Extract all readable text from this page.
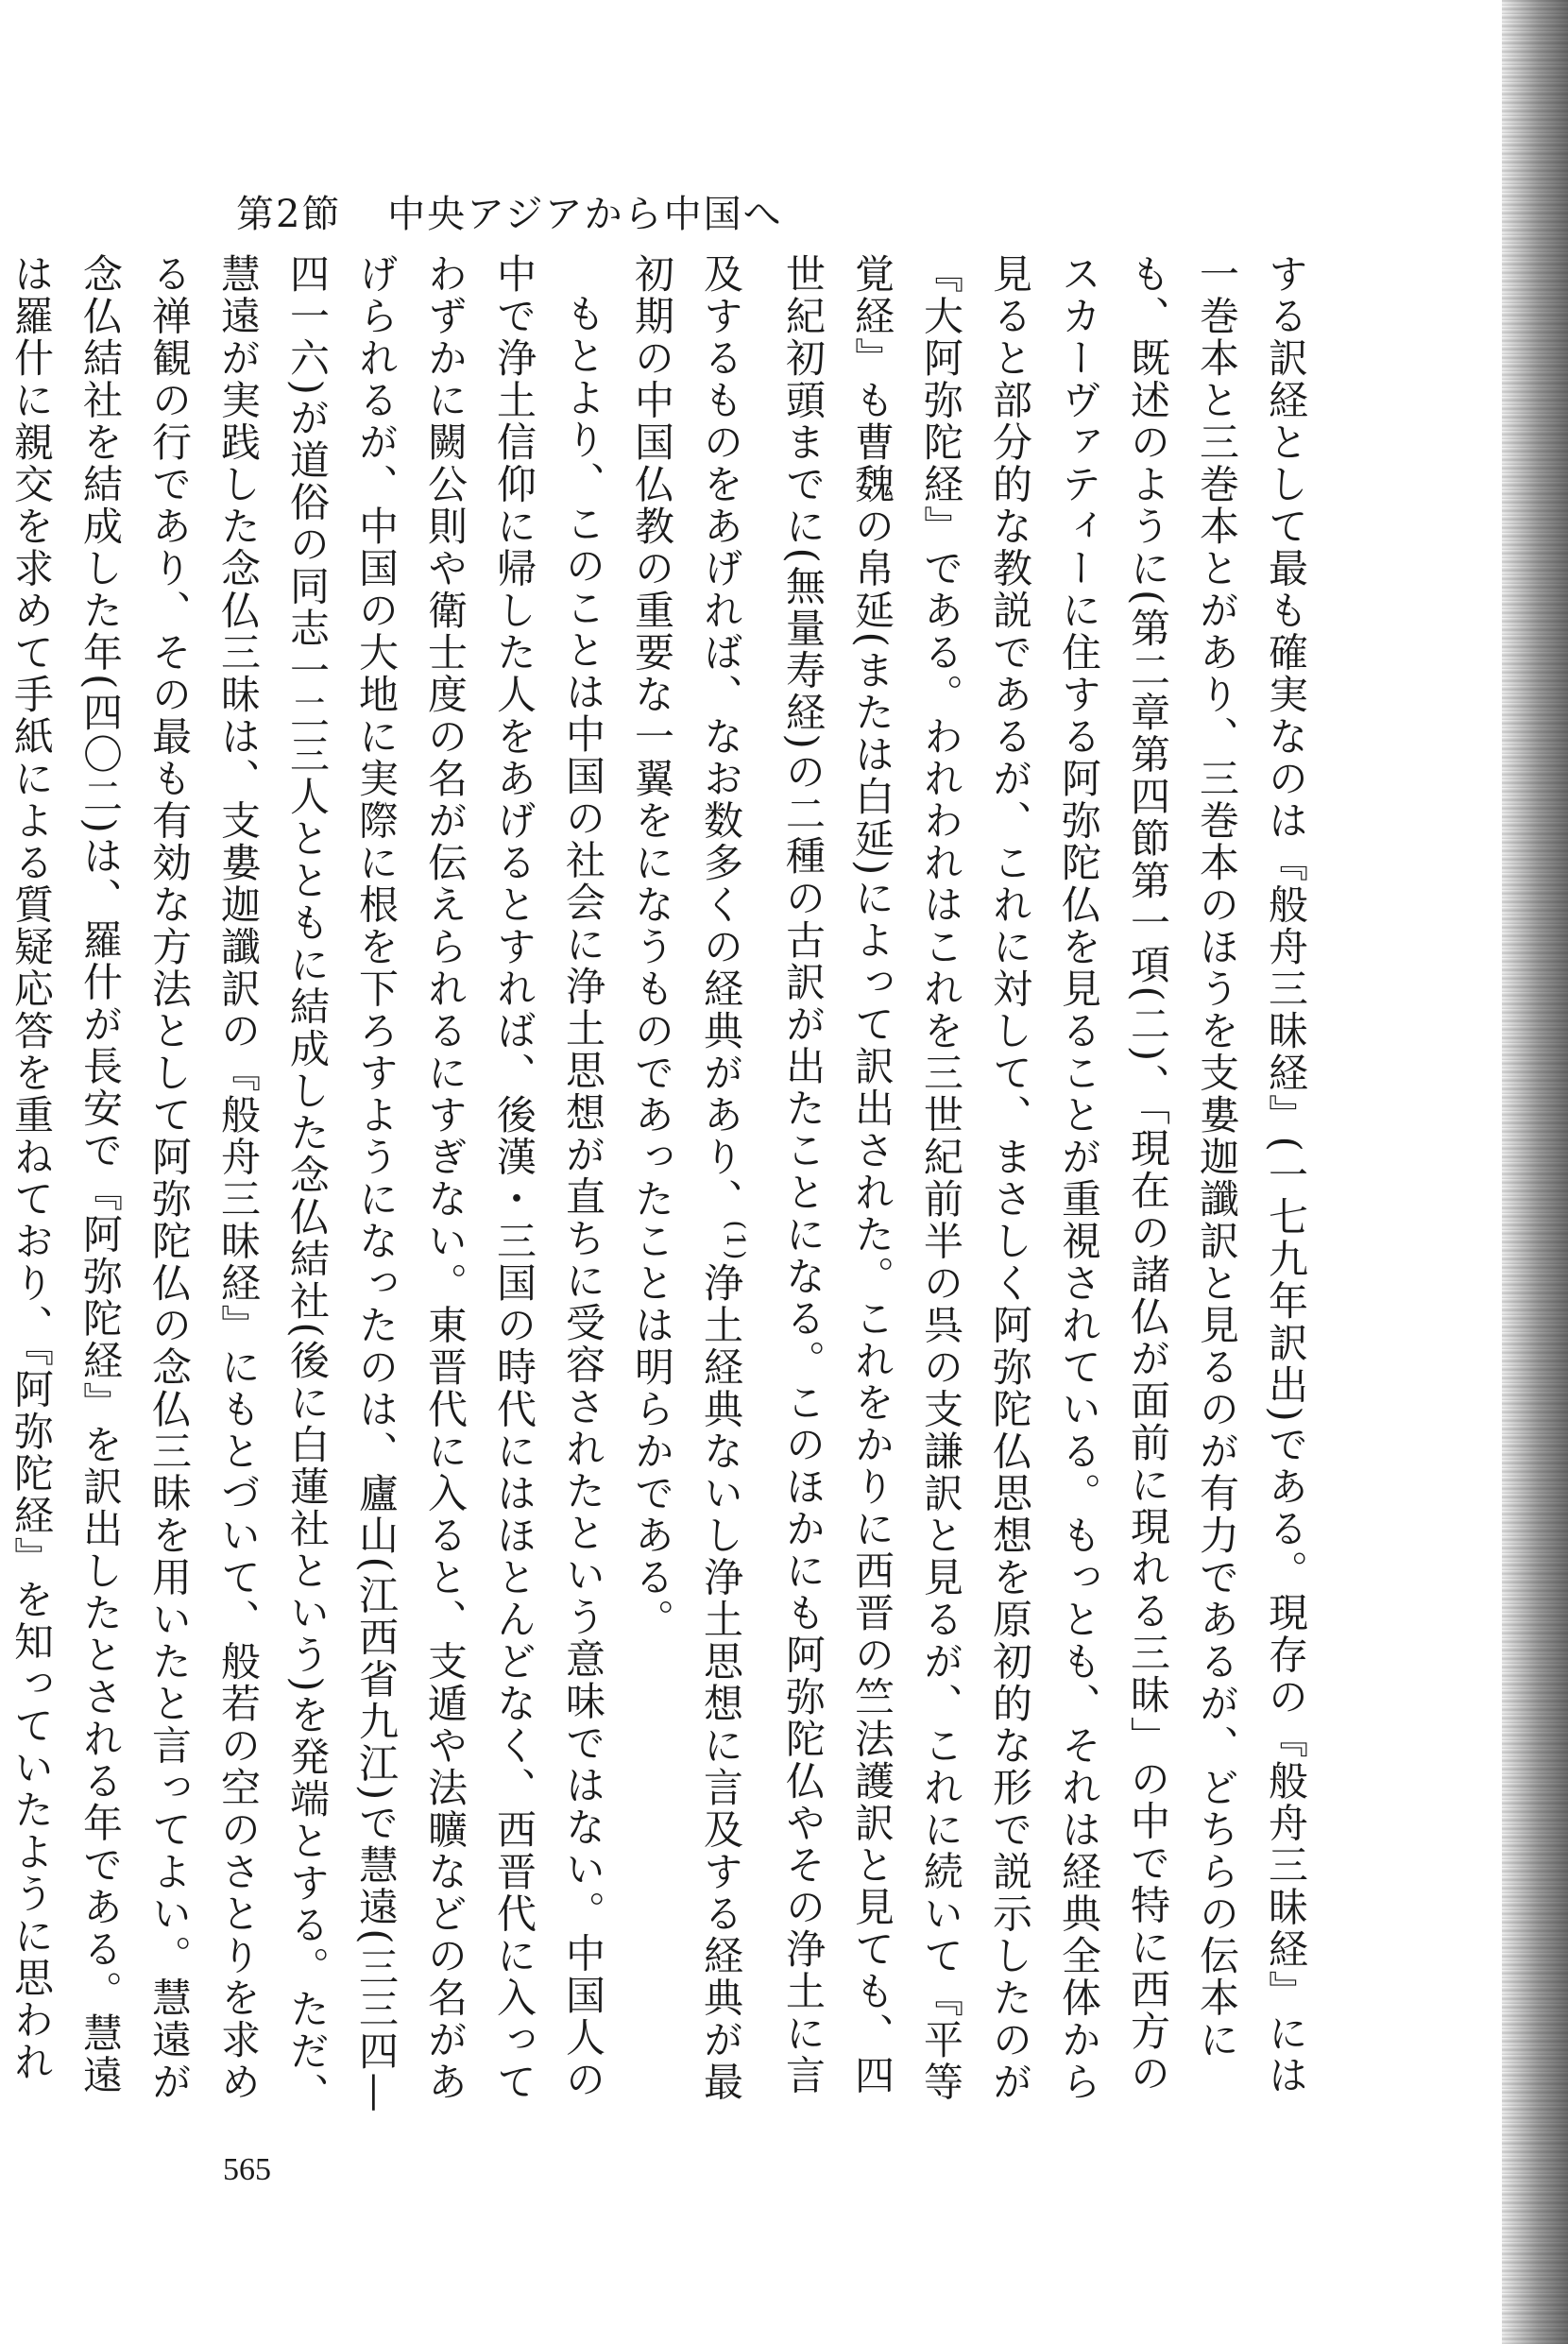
第2節 中央アジアから中国へ

する訳経として最も確実なのは『般舟三昧経』(一七九年訳出)である。現存の『般舟三昧経』には一巻本と三巻本とがあり、三巻本のほうを支婁迦讖訳と見るのが有力であるが、どちらの伝本にも、既述のように(第二章第四節第一項(二)、「現在の諸仏が面前に現れる三昧」の中で特に西方のスカーヴァティーに住する阿弥陀仏を見ることが重視されている。もっとも、それは経典全体から見ると部分的な教説であるが、これに対して、まさしく阿弥陀仏思想を原初的な形で説示したのが『大阿弥陀経』である。われわれはこれを三世紀前半の呉の支謙訳と見るが、これに続いて『平等覚経』も曹魏の帛延(または白延)によって訳出された。これをかりに西晋の竺法護訳と見ても、四世紀初頭までに(無量寿経)の二種の古訳が出たことになる。このほかにも阿弥陀仏やその浄土に言及するものをあげれば、なお数多くの経典があり、$^{(1)}$浄土経典ないし浄土思想に言及する経典が最初期の中国仏教の重要な一翼をになうものであったことは明らかである。

もとより、このことは中国の社会に浄土思想が直ちに受容されたという意味ではない。中国人の中で浄土信仰に帰した人をあげるとすれば、後漢・三国の時代にはほとんどなく、西晋代に入ってわずかに闕公則や衛士度の名が伝えられるにすぎない。東晋代に入ると、支遁や法曠などの名があげられるが、中国の大地に実際に根を下ろすようになったのは、廬山(江西省九江)で慧遠(三三四—四一六)が道俗の同志一二三人とともに結成した念仏結社(後に白蓮社という)を発端とする。ただ、慧遠が実践した念仏三昧は、支婁迦讖訳の『般舟三昧経』にもとづいて、般若の空のさとりを求める禅観の行であり、その最も有効な方法として阿弥陀仏の念仏三昧を用いたと言ってよい。慧遠が念仏結社を結成した年(四〇二)は、羅什が長安で『阿弥陀経』を訳出したとされる年である。慧遠は羅什に親交を求めて手紙による質疑応答を重ねており、『阿弥陀経』を知っていたように思われ

565
